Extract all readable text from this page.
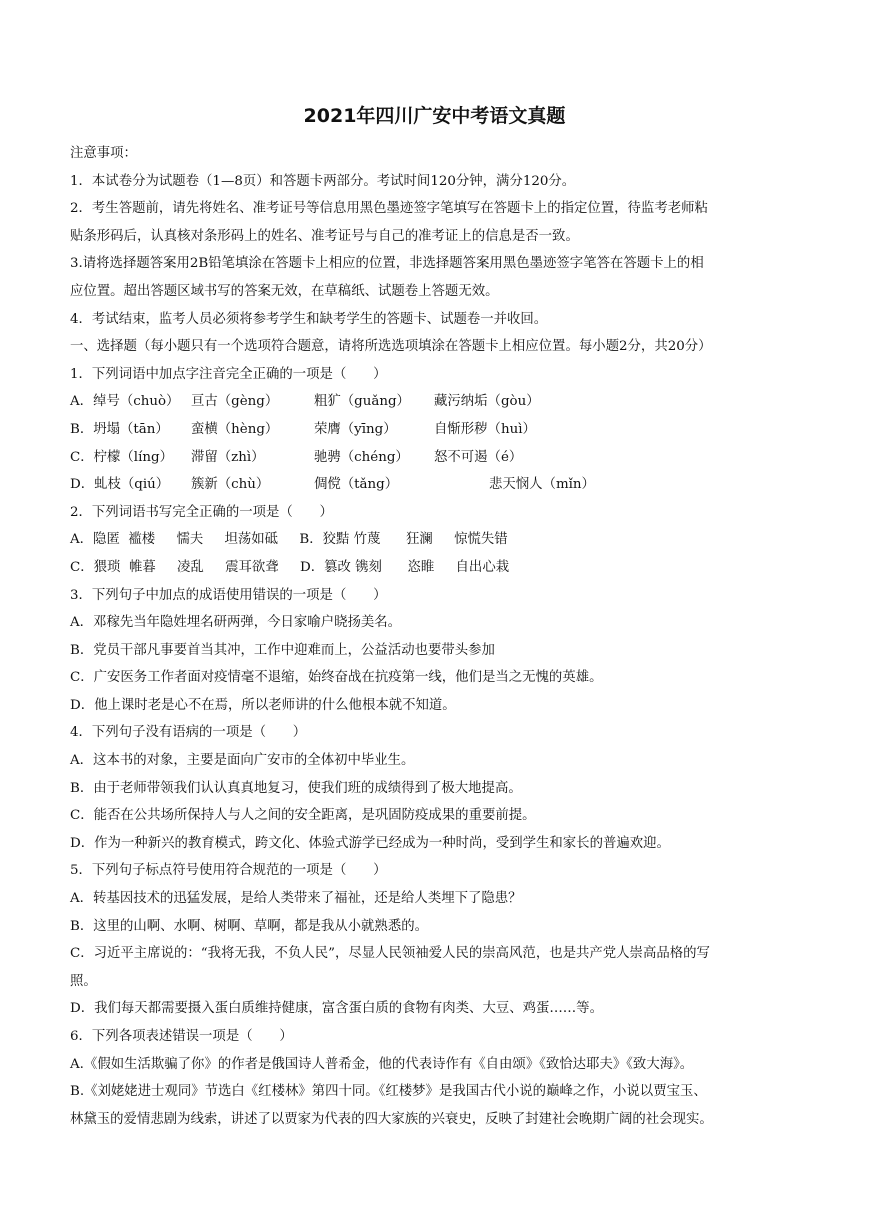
2021年四川广安中考语文真题
注意事项：
1．本试卷分为试题卷（1—8页）和答题卡两部分。考试时间120分钟，满分120分。
2．考生答题前，请先将姓名、准考证号等信息用黑色墨迹签字笔填写在答题卡上的指定位置，待监考老师粘
贴条形码后，认真核对条形码上的姓名、准考证号与自己的准考证上的信息是否一致。
3.请将选择题答案用2B铅笔填涂在答题卡上相应的位置，非选择题答案用黑色墨迹签字笔答在答题卡上的相
应位置。超出答题区域书写的答案无效，在草稿纸、试题卷上答题无效。
4．考试结束，监考人员必须将参考学生和缺考学生的答题卡、试题卷一并收回。
一、选择题（每小题只有一个选项符合题意，请将所选选项填涂在答题卡上相应位置。每小题2分，共20分）
1．下列词语中加点字注音完全正确的一项是（　　）
A．绰号（chuò） 亘古（gèng）	粗犷（guǎng） 藏污纳垢（gòu）
B．坍塌（tān） 蛮横（hèng）	荣膺（yīng）	自惭形秽（huì）
C．柠檬（líng） 滞留（zhì）	驰骋（chéng） 怒不可遏（é）
D．虬枝（qiú） 簇新（chù）	倜傥（tǎng）	悲天悯人（mǐn）
2．下列词语书写完全正确的一项是（　　）
A．隐匿 褴楼 懦夫 坦荡如砥 B．狡黠 竹蔑 狂澜 惊慌失错
C．猥琐 帷暮 凌乱 震耳欲聋 D．篡改 镌刻 恣睢 自出心栽
3．下列句子中加点的成语使用错误的一项是（　　）
A．邓稼先当年隐姓埋名研两弹，今日家喻户晓扬美名。
B．党员干部凡事要首当其冲，工作中迎难而上，公益活动也要带头参加
C．广安医务工作者面对疫情毫不退缩，始终奋战在抗疫第一线，他们是当之无愧的英雄。
D．他上课时老是心不在焉，所以老师讲的什么他根本就不知道。
4．下列句子没有语病的一项是（　　）
A．这本书的对象，主要是面向广安市的全体初中毕业生。
B．由于老师带领我们认认真真地复习，使我们班的成绩得到了极大地提高。
C．能否在公共场所保持人与人之间的安全距离，是巩固防疫成果的重要前提。
D．作为一种新兴的教育模式，跨文化、体验式游学已经成为一种时尚，受到学生和家长的普遍欢迎。
5．下列句子标点符号使用符合规范的一项是（　　）
A．转基因技术的迅猛发展，是给人类带来了福祉，还是给人类埋下了隐患？
B．这里的山啊、水啊、树啊、草啊，都是我从小就熟悉的。
C．习近平主席说的：“我将无我，不负人民”，尽显人民领袖爱人民的崇高风范，也是共产党人崇高品格的写
照。
D．我们每天都需要摄入蛋白质维持健康，富含蛋白质的食物有肉类、大豆、鸡蛋……等。
6．下列各项表述错误一项是（　　）
A.《假如生活欺骗了你》的作者是俄国诗人普希金，他的代表诗作有《自由颂》《致恰达耶夫》《致大海》。
B.《刘姥姥进士观同》节选白《红楼林》第四十同。《红楼梦》是我国古代小说的巅峰之作，小说以贾宝玉、
林黛玉的爱情悲剧为线索，讲述了以贾家为代表的四大家族的兴衰史，反映了封建社会晚期广阔的社会现实。
